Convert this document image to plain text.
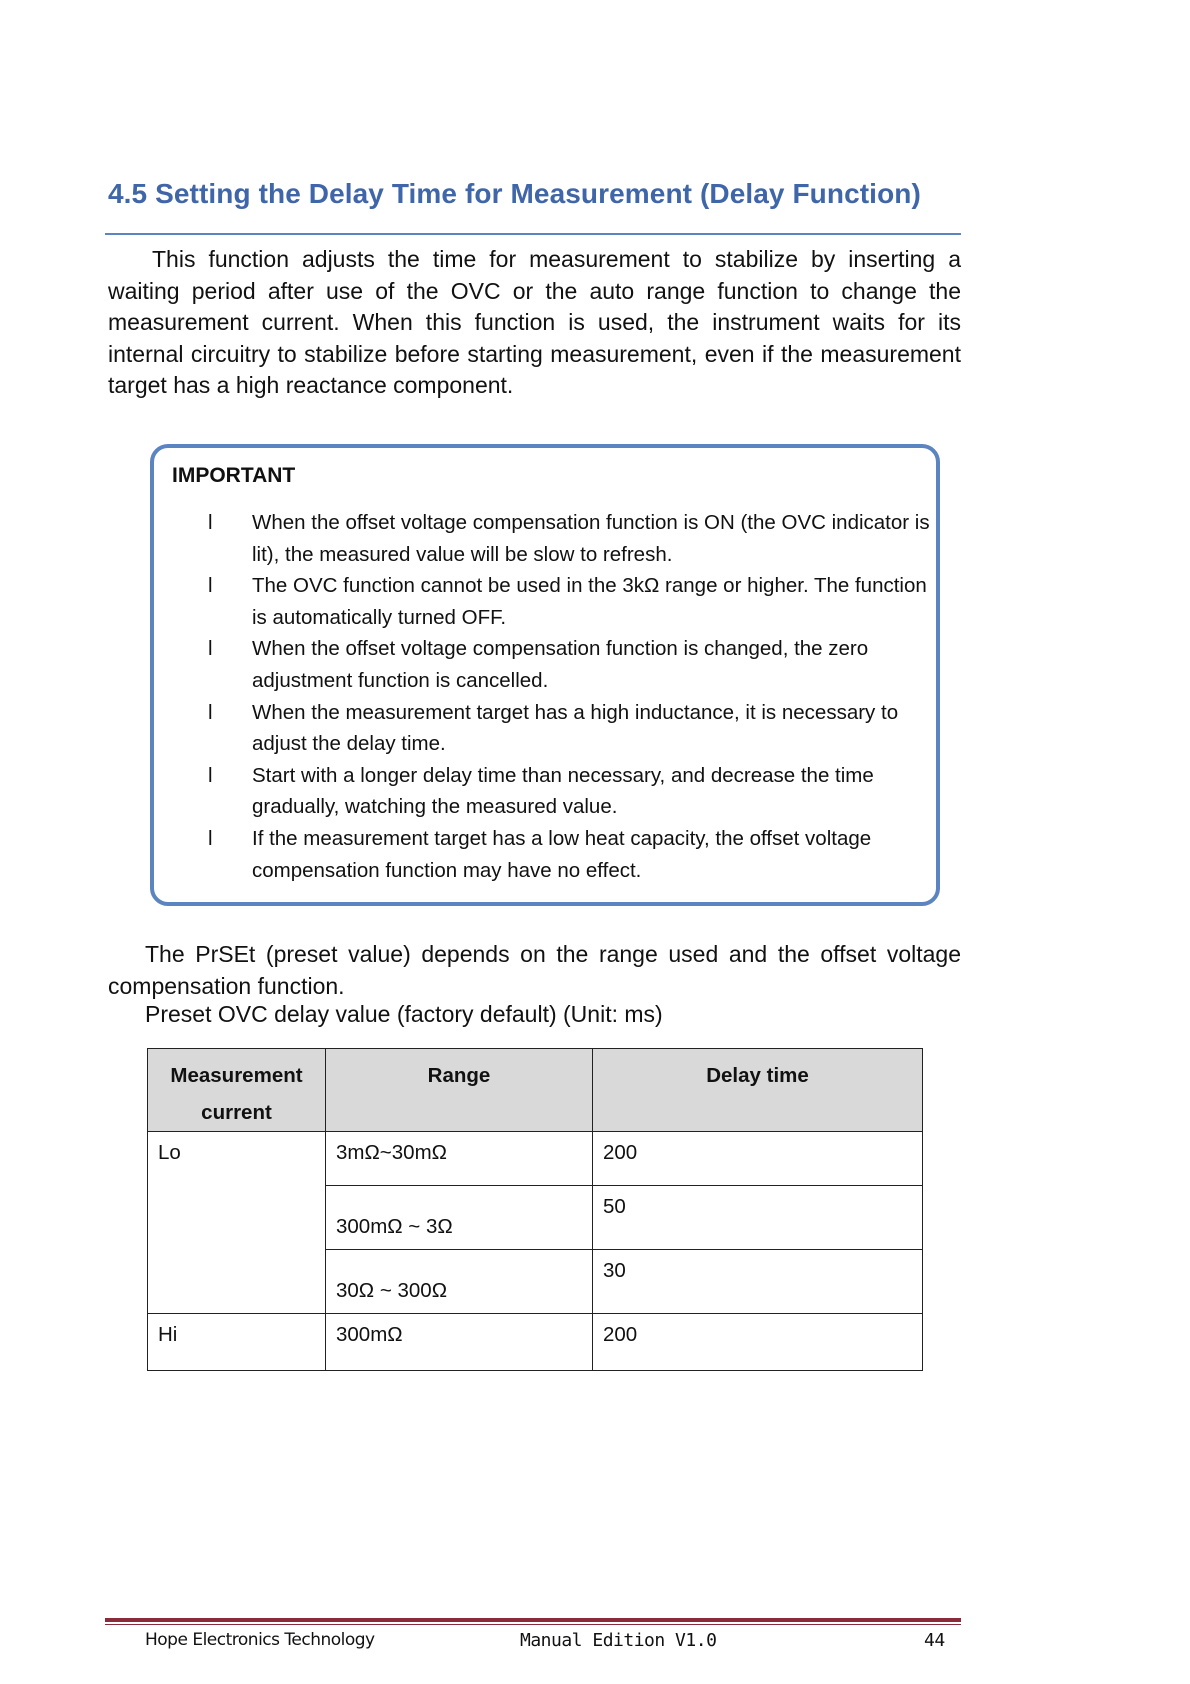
4.5 Setting the Delay Time for Measurement (Delay Function)

This function adjusts the time for measurement to stabilize by inserting a waiting period after use of the OVC or the auto range function to change the measurement current. When this function is used, the instrument waits for its internal circuitry to stabilize before starting measurement, even if the measurement target has a high reactance component.

IMPORTANT
l When the offset voltage compensation function is ON (the OVC indicator is lit), the measured value will be slow to refresh.
l The OVC function cannot be used in the 3kΩ range or higher. The function is automatically turned OFF.
l When the offset voltage compensation function is changed, the zero adjustment function is cancelled.
l When the measurement target has a high inductance, it is necessary to adjust the delay time.
l Start with a longer delay time than necessary, and decrease the time gradually, watching the measured value.
l If the measurement target has a low heat capacity, the offset voltage compensation function may have no effect.

The PrSEt (preset value) depends on the range used and the offset voltage compensation function.

Preset OVC delay value (factory default) (Unit: ms)

Measurement current	Range	Delay time
Lo	3mΩ~30mΩ	200

	300mΩ ~ 3Ω	50

	30Ω ~ 300Ω	30
Hi	300mΩ	200
Hope Electronics Technology	Manual Edition V1.0	44
